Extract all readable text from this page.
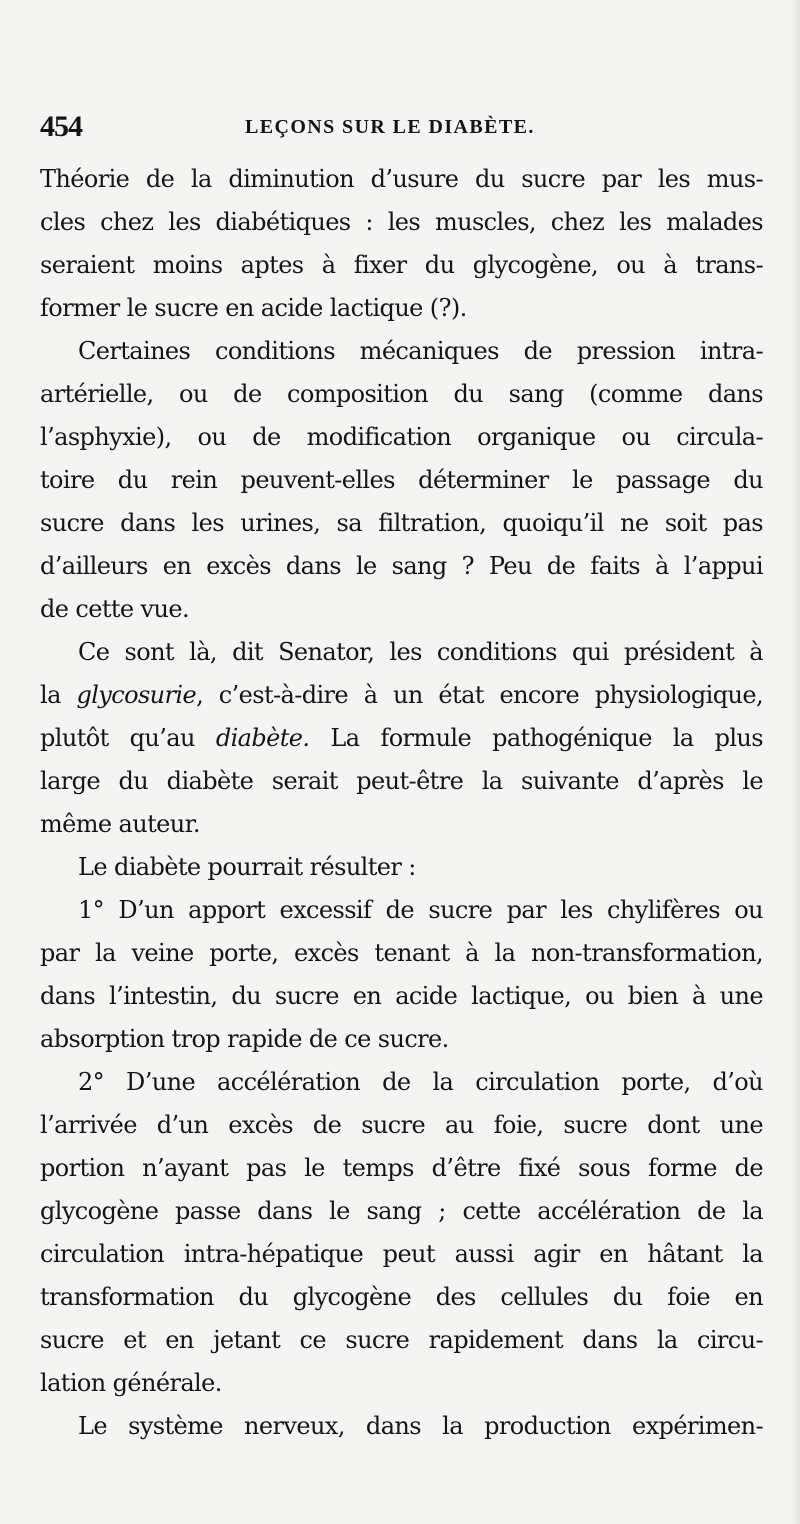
454	LEÇONS SUR LE DIABÈTE.

Théorie de la diminution d’usure du sucre par les mus-
cles chez les diabétiques : les muscles, chez les malades
seraient moins aptes à fixer du glycogène, ou à trans-
former le sucre en acide lactique (?).

Certaines conditions mécaniques de pression intra-
artérielle, ou de composition du sang (comme dans
l’asphyxie), ou de modification organique ou circula-
toire du rein peuvent-elles déterminer le passage du
sucre dans les urines, sa filtration, quoiqu’il ne soit pas
d’ailleurs en excès dans le sang ? Peu de faits à l’appui
de cette vue.

Ce sont là, dit Senator, les conditions qui président à
la glycosurie, c’est-à-dire à un état encore physiologique,
plutôt qu’au diabète. La formule pathogénique la plus
large du diabète serait peut-être la suivante d’après le
même auteur.

Le diabète pourrait résulter :

1° D’un apport excessif de sucre par les chylifères ou
par la veine porte, excès tenant à la non-transformation,
dans l’intestin, du sucre en acide lactique, ou bien à une
absorption trop rapide de ce sucre.

2° D’une accélération de la circulation porte, d’où
l’arrivée d’un excès de sucre au foie, sucre dont une
portion n’ayant pas le temps d’être fixé sous forme de
glycogène passe dans le sang ; cette accélération de la
circulation intra-hépatique peut aussi agir en hâtant la
transformation du glycogène des cellules du foie en
sucre et en jetant ce sucre rapidement dans la circu-
lation générale.

Le système nerveux, dans la production expérimen-
